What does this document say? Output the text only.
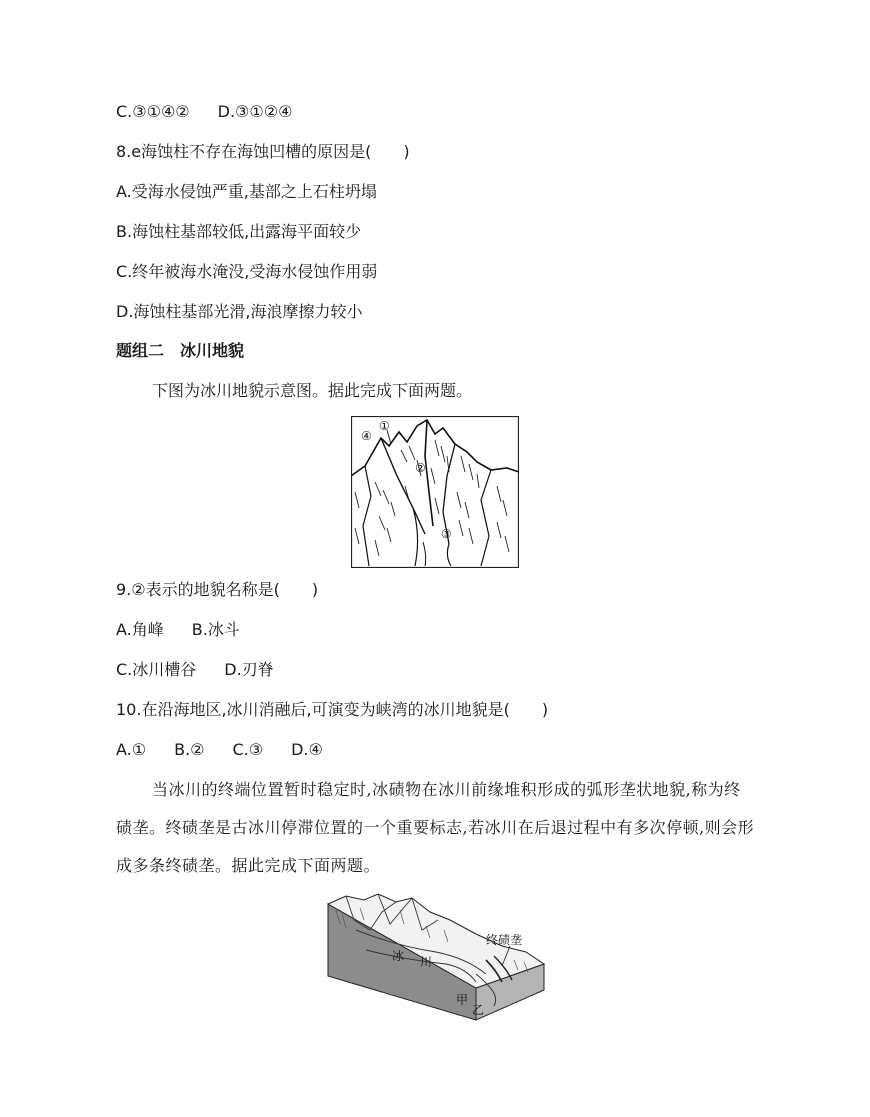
C.③①④② D.③①②④
8.e海蚀柱不存在海蚀凹槽的原因是(　　)
A.受海水侵蚀严重,基部之上石柱坍塌
B.海蚀柱基部较低,出露海平面较少
C.终年被海水淹没,受海水侵蚀作用弱
D.海蚀柱基部光滑,海浪摩擦力较小
题组二　冰川地貌
下图为冰川地貌示意图。据此完成下面两题。
④
①
②
③
9.②表示的地貌名称是(　　)
A.角峰 B.冰斗
C.冰川槽谷 D.刃脊
10.在沿海地区,冰川消融后,可演变为峡湾的冰川地貌是(　　)
A.① B.② C.③ D.④
当冰川的终端位置暂时稳定时,冰碛物在冰川前缘堆积形成的弧形垄状地貌,称为终碛垄。终碛垄是古冰川停滞位置的一个重要标志,若冰川在后退过程中有多次停顿,则会形成多条终碛垄。据此完成下面两题。
终碛垄
冰 川
甲
乙
